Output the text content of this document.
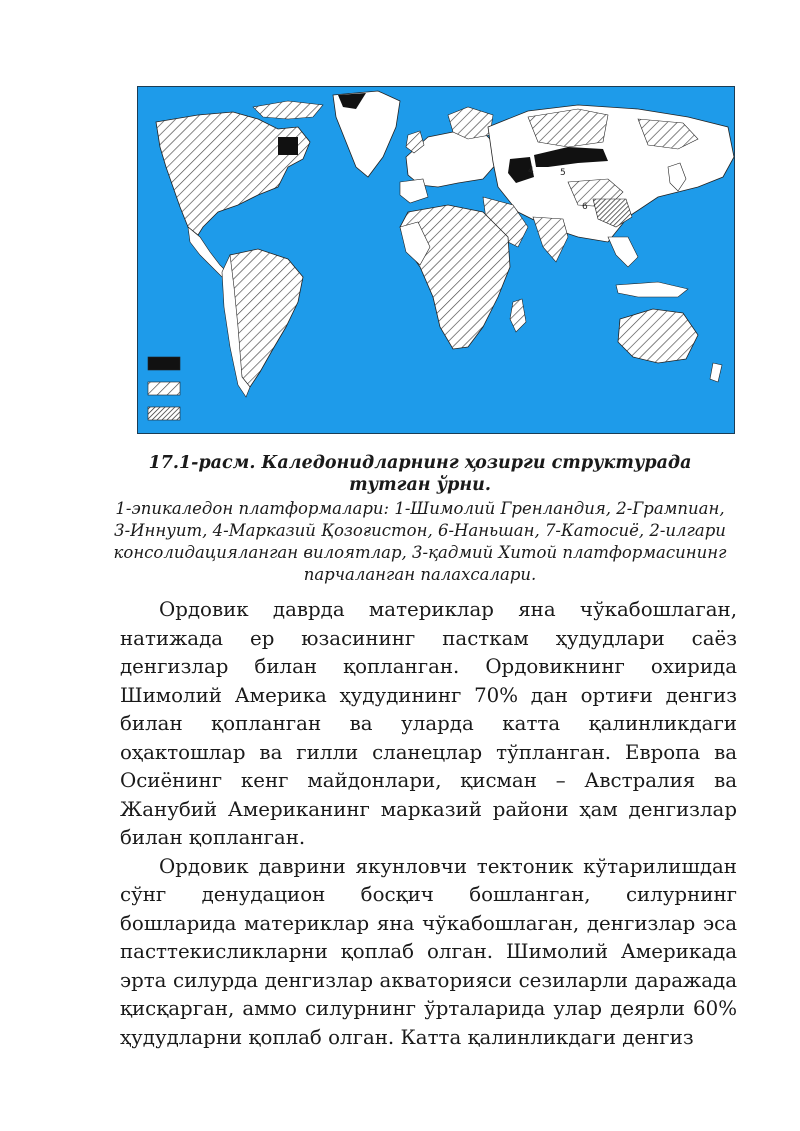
4	5
6

17.1-расм. Каледонидларнинг ҳозирги структурада тутган ўрни.

1-эпикаледон платформалари: 1-Шимолий Гренландия, 2-Грампиан, 3-Иннуит, 4-Марказий Қозоғистон, 6-Наньшан, 7-Катосиё, 2-илгари консолидацияланган вилоятлар, 3-қадмий Хитой платформасининг парчаланган палахсалари.

Ордовик даврда материклар яна чўкабошлаган, натижада ер юзасининг пасткам ҳудудлари саёз денгизлар билан қопланган. Ордовикнинг охирида Шимолий Америка ҳудудининг 70% дан ортиғи денгиз билан қопланган ва уларда катта қалинликдаги оҳактошлар ва гилли сланецлар тўпланган. Европа ва Осиёнинг кенг майдонлари, қисман – Австралия ва Жанубий Американинг марказий райони ҳам денгизлар билан қопланган.

Ордовик даврини якунловчи тектоник кўтарилишдан сўнг денудацион босқич бошланган, силурнинг бошларида материклар яна чўкабошлаган, денгизлар эса пасттекисликларни қоплаб олган. Шимолий Америкада эрта силурда денгизлар акваторияси сезиларли даражада қисқарган, аммо силурнинг ўрталарида улар деярли 60% ҳудудларни қоплаб олган. Катта қалинликдаги денгиз
